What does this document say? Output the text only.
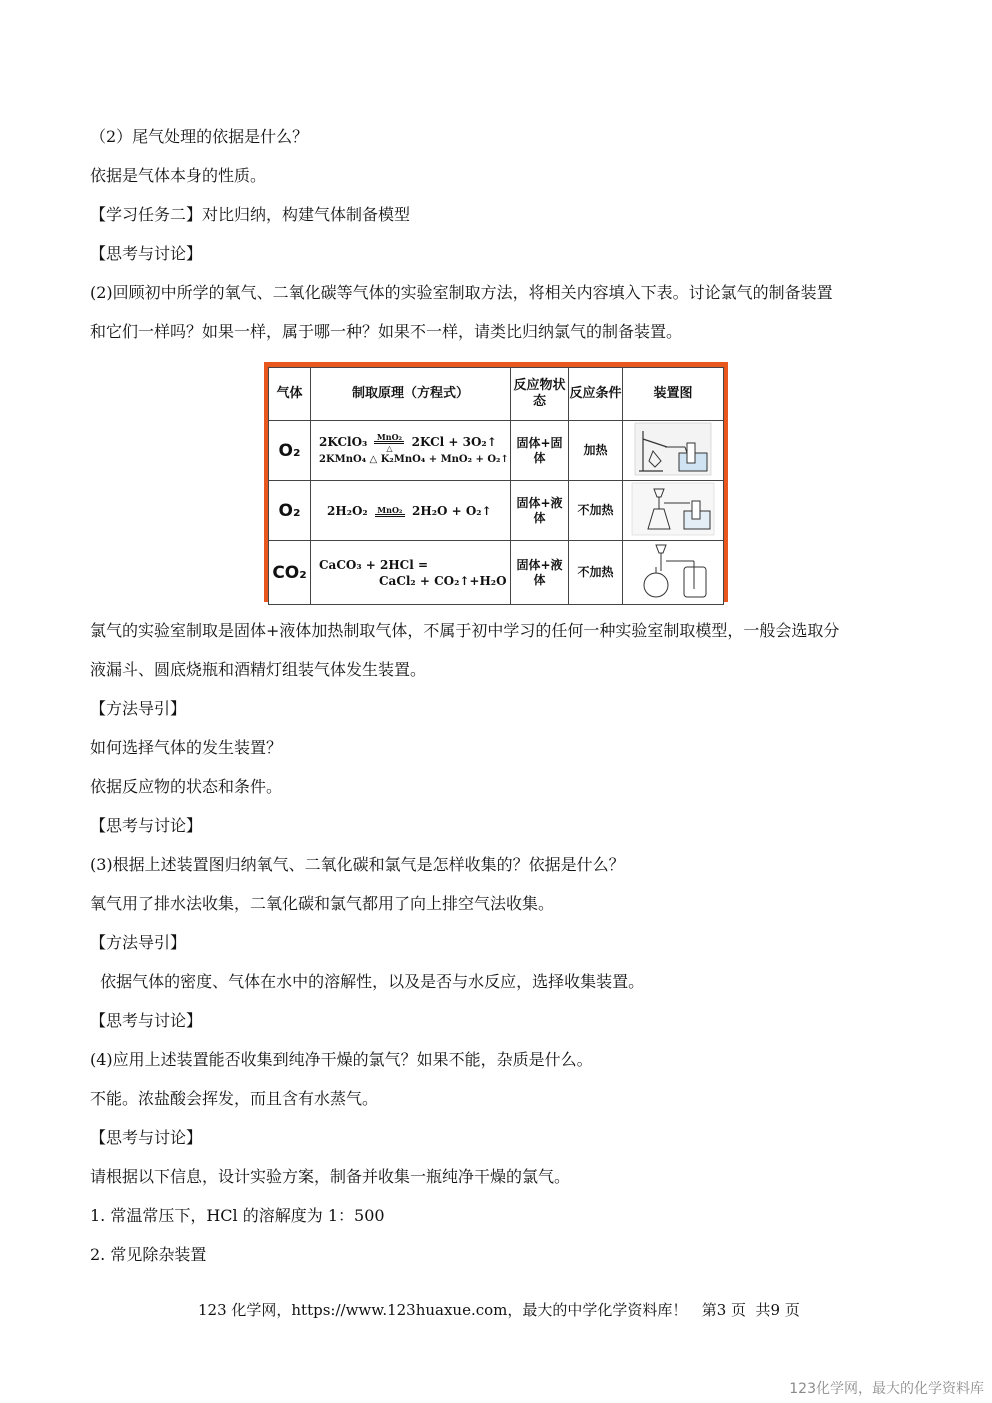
（2）尾气处理的依据是什么？
依据是气体本身的性质。
【学习任务二】对比归纳，构建气体制备模型
【思考与讨论】
(2)回顾初中所学的氧气、二氧化碳等气体的实验室制取方法，将相关内容填入下表。讨论氯气的制备装置
和它们一样吗？如果一样，属于哪一种？如果不一样，请类比归纳氯气的制备装置。
气体	制取原理（方程式）	反应物状态	反应条件	装置图
O₂	2KClO₃ MnO₂
△ 2KCl + 3O₂↑
2KMnO₄ △ K₂MnO₄ + MnO₂ + O₂↑	固体+固体	加热	
O₂	2H₂O₂ MnO₂ 2H₂O + O₂↑	固体+液体	不加热	
CO₂	CaCO₃ + 2HCl =
CaCl₂ + CO₂↑+H₂O	固体+液体	不加热	
氯气的实验室制取是固体+液体加热制取气体，不属于初中学习的任何一种实验室制取模型，一般会选取分
液漏斗、圆底烧瓶和酒精灯组装气体发生装置。
【方法导引】
如何选择气体的发生装置？
依据反应物的状态和条件。
【思考与讨论】
(3)根据上述装置图归纳氧气、二氧化碳和氯气是怎样收集的？依据是什么？
氧气用了排水法收集，二氧化碳和氯气都用了向上排空气法收集。
【方法导引】
依据气体的密度、气体在水中的溶解性，以及是否与水反应，选择收集装置。
【思考与讨论】
(4)应用上述装置能否收集到纯净干燥的氯气？如果不能，杂质是什么。
不能。浓盐酸会挥发，而且含有水蒸气。
【思考与讨论】
请根据以下信息，设计实验方案，制备并收集一瓶纯净干燥的氯气。
1. 常温常压下，HCl 的溶解度为 1：500
2. 常见除杂装置
123 化学网，https://www.123huaxue.com，最大的中学化学资料库！   第3 页  共9 页
123化学网，最大的化学资料库
